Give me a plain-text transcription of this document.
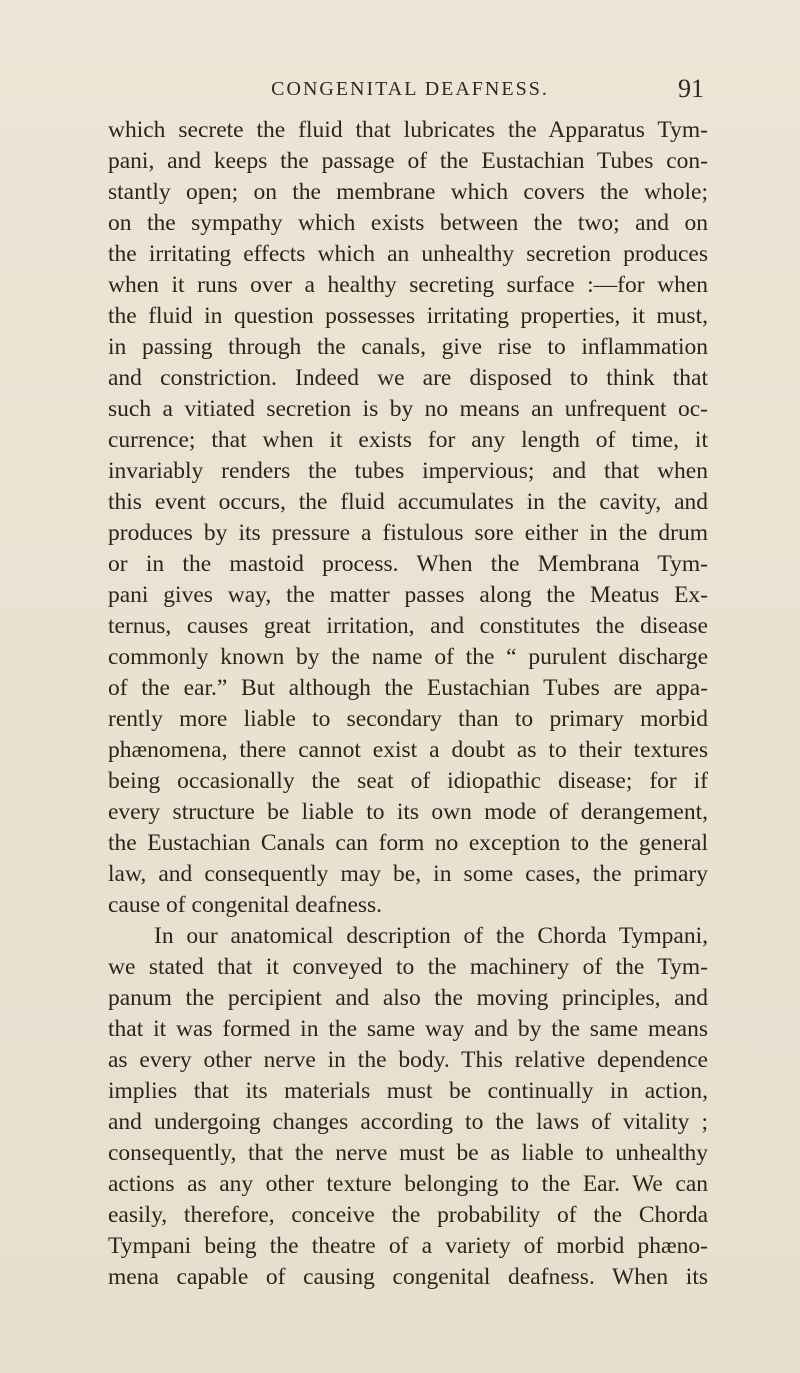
CONGENITAL DEAFNESS.	91
which secrete the fluid that lubricates the Apparatus Tym-
pani, and keeps the passage of the Eustachian Tubes con-
stantly open; on the membrane which covers the whole;
on the sympathy which exists between the two; and on
the irritating effects which an unhealthy secretion produces
when it runs over a healthy secreting surface :—for when
the fluid in question possesses irritating properties, it must,
in passing through the canals, give rise to inflammation
and constriction. Indeed we are disposed to think that
such a vitiated secretion is by no means an unfrequent oc-
currence; that when it exists for any length of time, it
invariably renders the tubes impervious; and that when
this event occurs, the fluid accumulates in the cavity, and
produces by its pressure a fistulous sore either in the drum
or in the mastoid process. When the Membrana Tym-
pani gives way, the matter passes along the Meatus Ex-
ternus, causes great irritation, and constitutes the disease
commonly known by the name of the “ purulent discharge
of the ear.” But although the Eustachian Tubes are appa-
rently more liable to secondary than to primary morbid
phænomena, there cannot exist a doubt as to their textures
being occasionally the seat of idiopathic disease; for if
every structure be liable to its own mode of derangement,
the Eustachian Canals can form no exception to the general
law, and consequently may be, in some cases, the primary
cause of congenital deafness.
In our anatomical description of the Chorda Tympani,
we stated that it conveyed to the machinery of the Tym-
panum the percipient and also the moving principles, and
that it was formed in the same way and by the same means
as every other nerve in the body. This relative dependence
implies that its materials must be continually in action,
and undergoing changes according to the laws of vitality ;
consequently, that the nerve must be as liable to unhealthy
actions as any other texture belonging to the Ear. We can
easily, therefore, conceive the probability of the Chorda
Tympani being the theatre of a variety of morbid phæno-
mena capable of causing congenital deafness. When its
